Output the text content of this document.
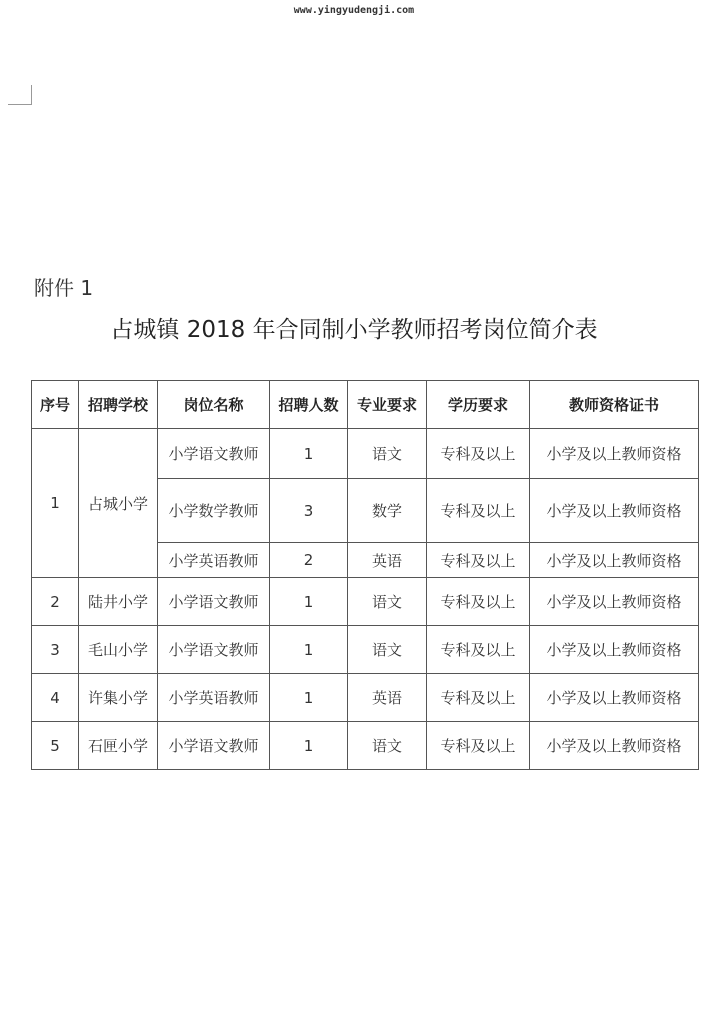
www.yingyudengji.com
附件 1
占城镇 2018 年合同制小学教师招考岗位简介表
序号	招聘学校	岗位名称	招聘人数	专业要求	学历要求	教师资格证书
1	占城小学	小学语文教师	1	语文	专科及以上	小学及以上教师资格
		小学数学教师	3	数学	专科及以上	小学及以上教师资格
		小学英语教师	2	英语	专科及以上	小学及以上教师资格
2	陆井小学	小学语文教师	1	语文	专科及以上	小学及以上教师资格
3	毛山小学	小学语文教师	1	语文	专科及以上	小学及以上教师资格
4	许集小学	小学英语教师	1	英语	专科及以上	小学及以上教师资格
5	石匣小学	小学语文教师	1	语文	专科及以上	小学及以上教师资格
